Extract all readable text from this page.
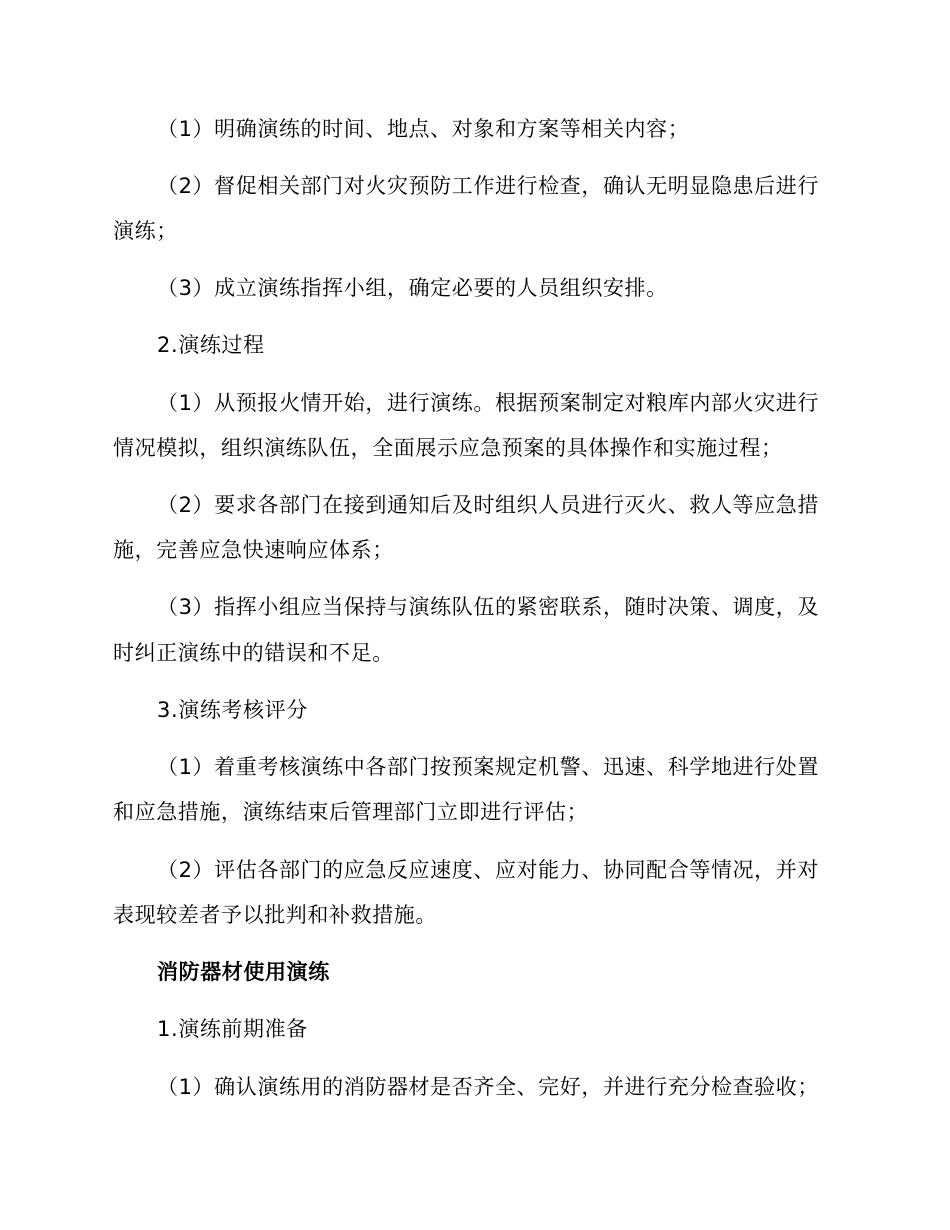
（1）明确演练的时间、地点、对象和方案等相关内容；
（2）督促相关部门对火灾预防工作进行检查，确认无明显隐患后进行
演练；
（3）成立演练指挥小组，确定必要的人员组织安排。
2.演练过程
（1）从预报火情开始，进行演练。根据预案制定对粮库内部火灾进行
情况模拟，组织演练队伍，全面展示应急预案的具体操作和实施过程；
（2）要求各部门在接到通知后及时组织人员进行灭火、救人等应急措
施，完善应急快速响应体系；
（3）指挥小组应当保持与演练队伍的紧密联系，随时决策、调度，及
时纠正演练中的错误和不足。
3.演练考核评分
（1）着重考核演练中各部门按预案规定机警、迅速、科学地进行处置
和应急措施，演练结束后管理部门立即进行评估；
（2）评估各部门的应急反应速度、应对能力、协同配合等情况，并对
表现较差者予以批判和补救措施。
消防器材使用演练
1.演练前期准备
（1）确认演练用的消防器材是否齐全、完好，并进行充分检查验收；
